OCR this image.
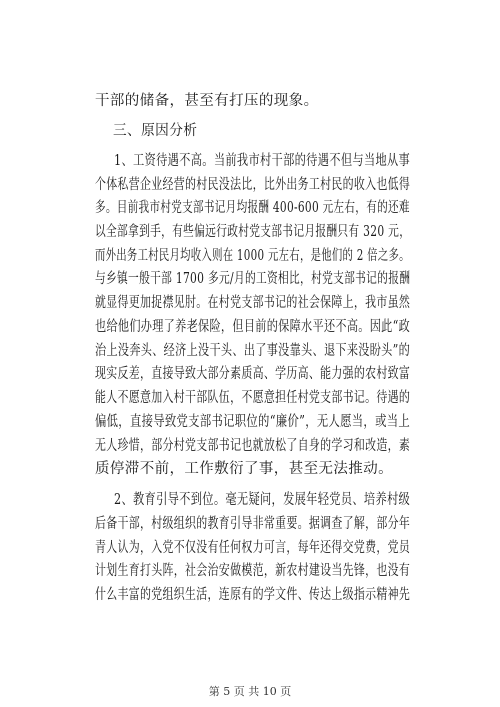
干部的储备，甚至有打压的现象。
三、原因分析
1、工资待遇不高。当前我市村干部的待遇不但与当地从事
个体私营企业经营的村民没法比，比外出务工村民的收入也低得
多。目前我市村党支部书记月均报酬 400-600 元左右，有的还难
以全部拿到手，有些偏远行政村党支部书记月报酬只有 320 元，
而外出务工村民月均收入则在 1000 元左右，是他们的 2 倍之多。
与乡镇一般干部 1700 多元/月的工资相比，村党支部书记的报酬
就显得更加捉襟见肘。在村党支部书记的社会保障上，我市虽然
也给他们办理了养老保险，但目前的保障水平还不高。因此“政
治上没奔头、经济上没干头、出了事没靠头、退下来没盼头”的
现实反差，直接导致大部分素质高、学历高、能力强的农村致富
能人不愿意加入村干部队伍，不愿意担任村党支部书记。待遇的
偏低，直接导致党支部书记职位的“廉价”，无人愿当，或当上
无人珍惜，部分村党支部书记也就放松了自身的学习和改造，素
质停滞不前，工作敷衍了事，甚至无法推动。
2、教育引导不到位。毫无疑问，发展年轻党员、培养村级
后备干部，村级组织的教育引导非常重要。据调查了解，部分年
青人认为，入党不仅没有任何权力可言，每年还得交党费，党员
计划生育打头阵，社会治安做模范，新农村建设当先锋，也没有
什么丰富的党组织生活，连原有的学文件、传达上级指示精神先
第 5 页 共 10 页
